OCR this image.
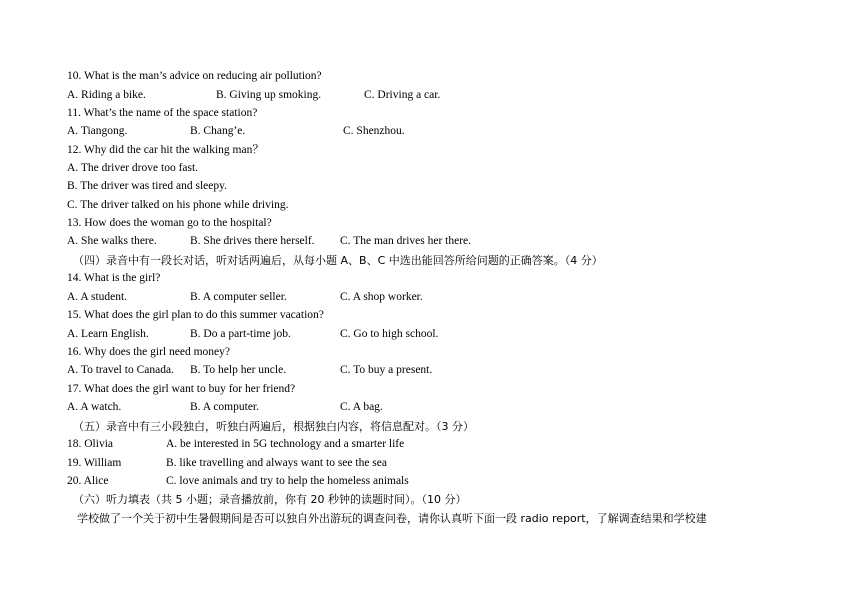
10. What is the man’s advice on reducing air pollution?
A. Riding a bike.	B. Giving up smoking.	C. Driving a car.
11. What’s the name of the space station?
A. Tiangong.	B. Chang’e.	C. Shenzhou.
12. Why did the car hit the walking man？
A. The driver drove too fast.
B. The driver was tired and sleepy.
C. The driver talked on his phone while driving.
13. How does the woman go to the hospital?
A. She walks there.	B. She drives there herself. C. The man drives her there.
（四）录音中有一段长对话，听对话两遍后，从每小题 A、B、C 中选出能回答所给问题的正确答案。（4 分）
14. What is the girl?
A. A student.	B. A computer seller.	C. A shop worker.
15. What does the girl plan to do this summer vacation?
A. Learn English.	B. Do a part-time job.	C. Go to high school.
16. Why does the girl need money?
A. To travel to Canada. B. To help her uncle.	C. To buy a present.
17. What does the girl want to buy for her friend?
A. A watch.	B. A computer.	C. A bag.
（五）录音中有三小段独白，听独白两遍后，根据独白内容，将信息配对。（3 分）
18. Olivia	A. be interested in 5G technology and a smarter life
19. William	B. like travelling and always want to see the sea
20. Alice	C. love animals and try to help the homeless animals
（六）听力填表（共 5 小题；录音播放前，你有 20 秒钟的读题时间）。（10 分）
学校做了一个关于初中生暑假期间是否可以独自外出游玩的调查问卷，请你认真听下面一段 radio report，了解调查结果和学校建
